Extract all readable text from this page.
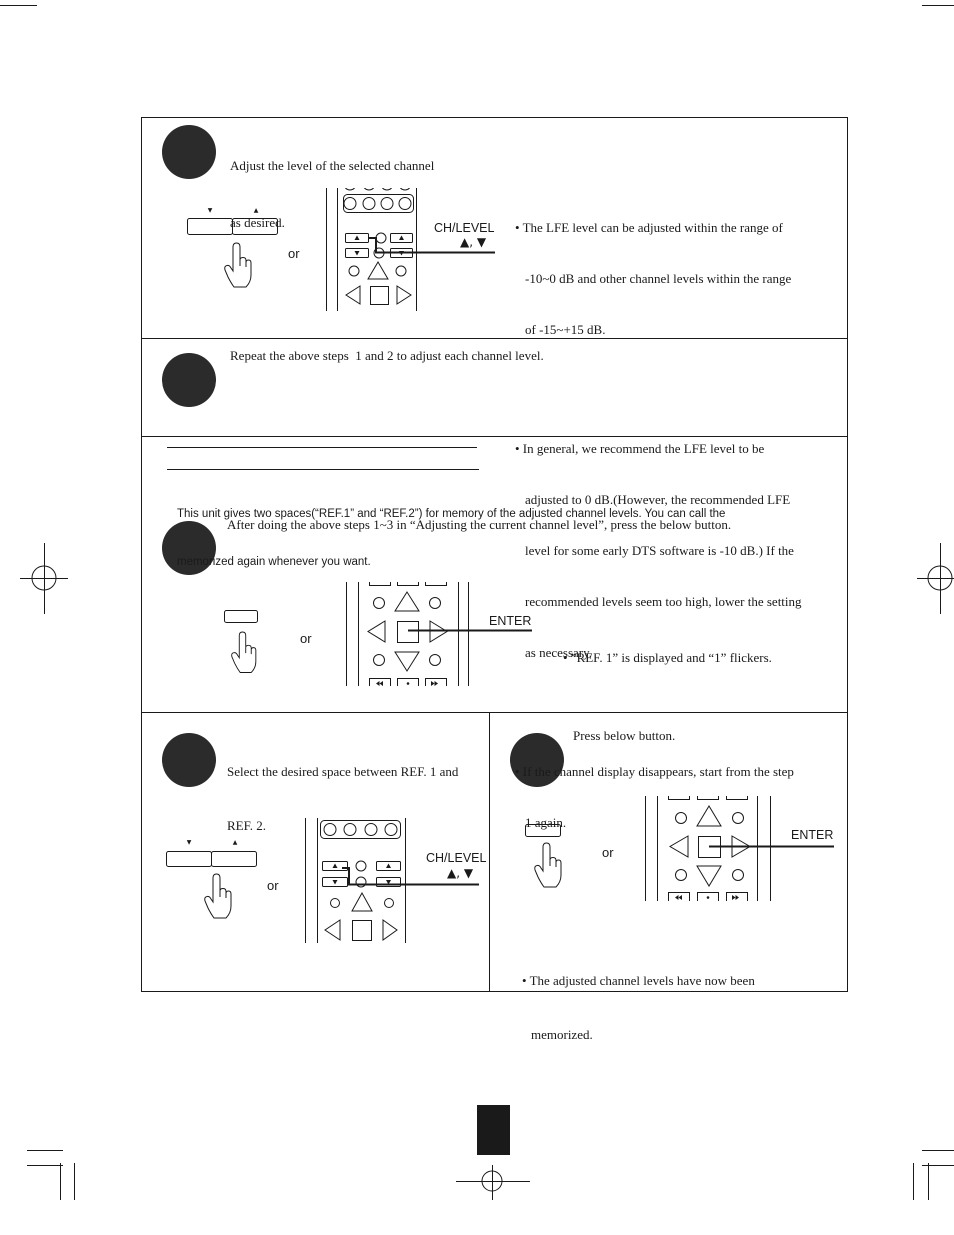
Adjust the level of the selected channel

as desired.

▼	▲
or
CH/LEVEL
▲, ▼

• The LFE level can be adjusted within the range of

-10~0 dB and other channel levels within the range

of -15~+15 dB.

• In general, we recommend the LFE level to be

adjusted to 0 dB.(However, the recommended LFE

level for some early DTS software is -10 dB.) If the

recommended levels seem too high, lower the setting

as necessary.

• If the channel display disappears, start from the step

1 again.

Repeat the above steps  1 and 2 to adjust each channel level.

This unit gives two spaces(“REF.1” and “REF.2”) for memory of the adjusted channel levels. You can call the

memorized again whenever you want.

After doing the above steps 1~3 in “Adjusting the current channel level”, press the below button.
or
ENTER
• ”REF. 1” is displayed and “1” flickers.

Select the desired space between REF. 1 and

REF. 2.

▼	▲
or
CH/LEVEL
▲, ▼
Press below button.
or
ENTER

• The adjusted channel levels have now been

memorized.
